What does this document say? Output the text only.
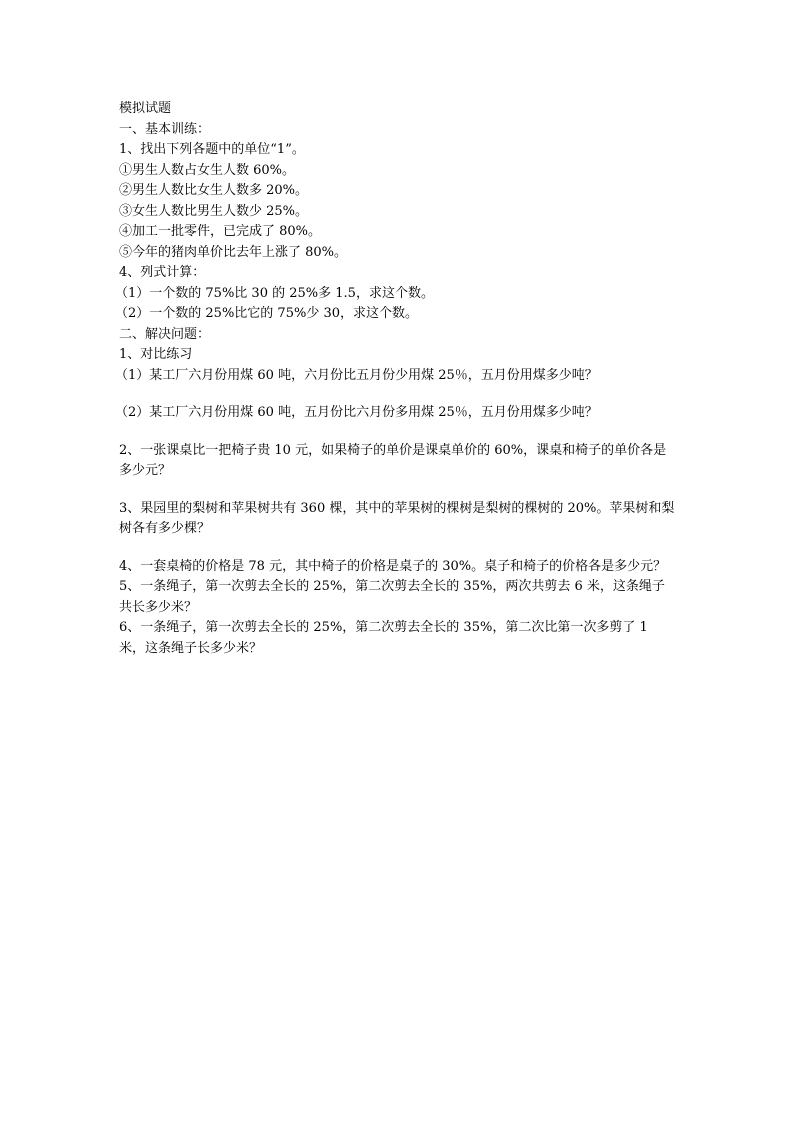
模拟试题
一、基本训练：
1、找出下列各题中的单位“1”。
①男生人数占女生人数 60%。
②男生人数比女生人数多 20%。
③女生人数比男生人数少 25%。
④加工一批零件，已完成了 80%。
⑤今年的猪肉单价比去年上涨了 80%。
4、列式计算：
（1）一个数的 75%比 30 的 25%多 1.5，求这个数。
（2）一个数的 25%比它的 75%少 30，求这个数。
二、解决问题：
1、对比练习
（1）某工厂六月份用煤 60 吨，六月份比五月份少用煤 25％，五月份用煤多少吨？
（2）某工厂六月份用煤 60 吨，五月份比六月份多用煤 25％，五月份用煤多少吨？
2、一张课桌比一把椅子贵 10 元，如果椅子的单价是课桌单价的 60%，课桌和椅子的单价各是多少元？
3、果园里的梨树和苹果树共有 360 棵，其中的苹果树的棵树是梨树的棵树的 20%。苹果树和梨树各有多少棵？
4、一套桌椅的价格是 78 元，其中椅子的价格是桌子的 30%。桌子和椅子的价格各是多少元？
5、一条绳子，第一次剪去全长的 25%，第二次剪去全长的 35%，两次共剪去 6 米，这条绳子共长多少米？
6、一条绳子，第一次剪去全长的 25%，第二次剪去全长的 35%，第二次比第一次多剪了 1 米，这条绳子长多少米？
